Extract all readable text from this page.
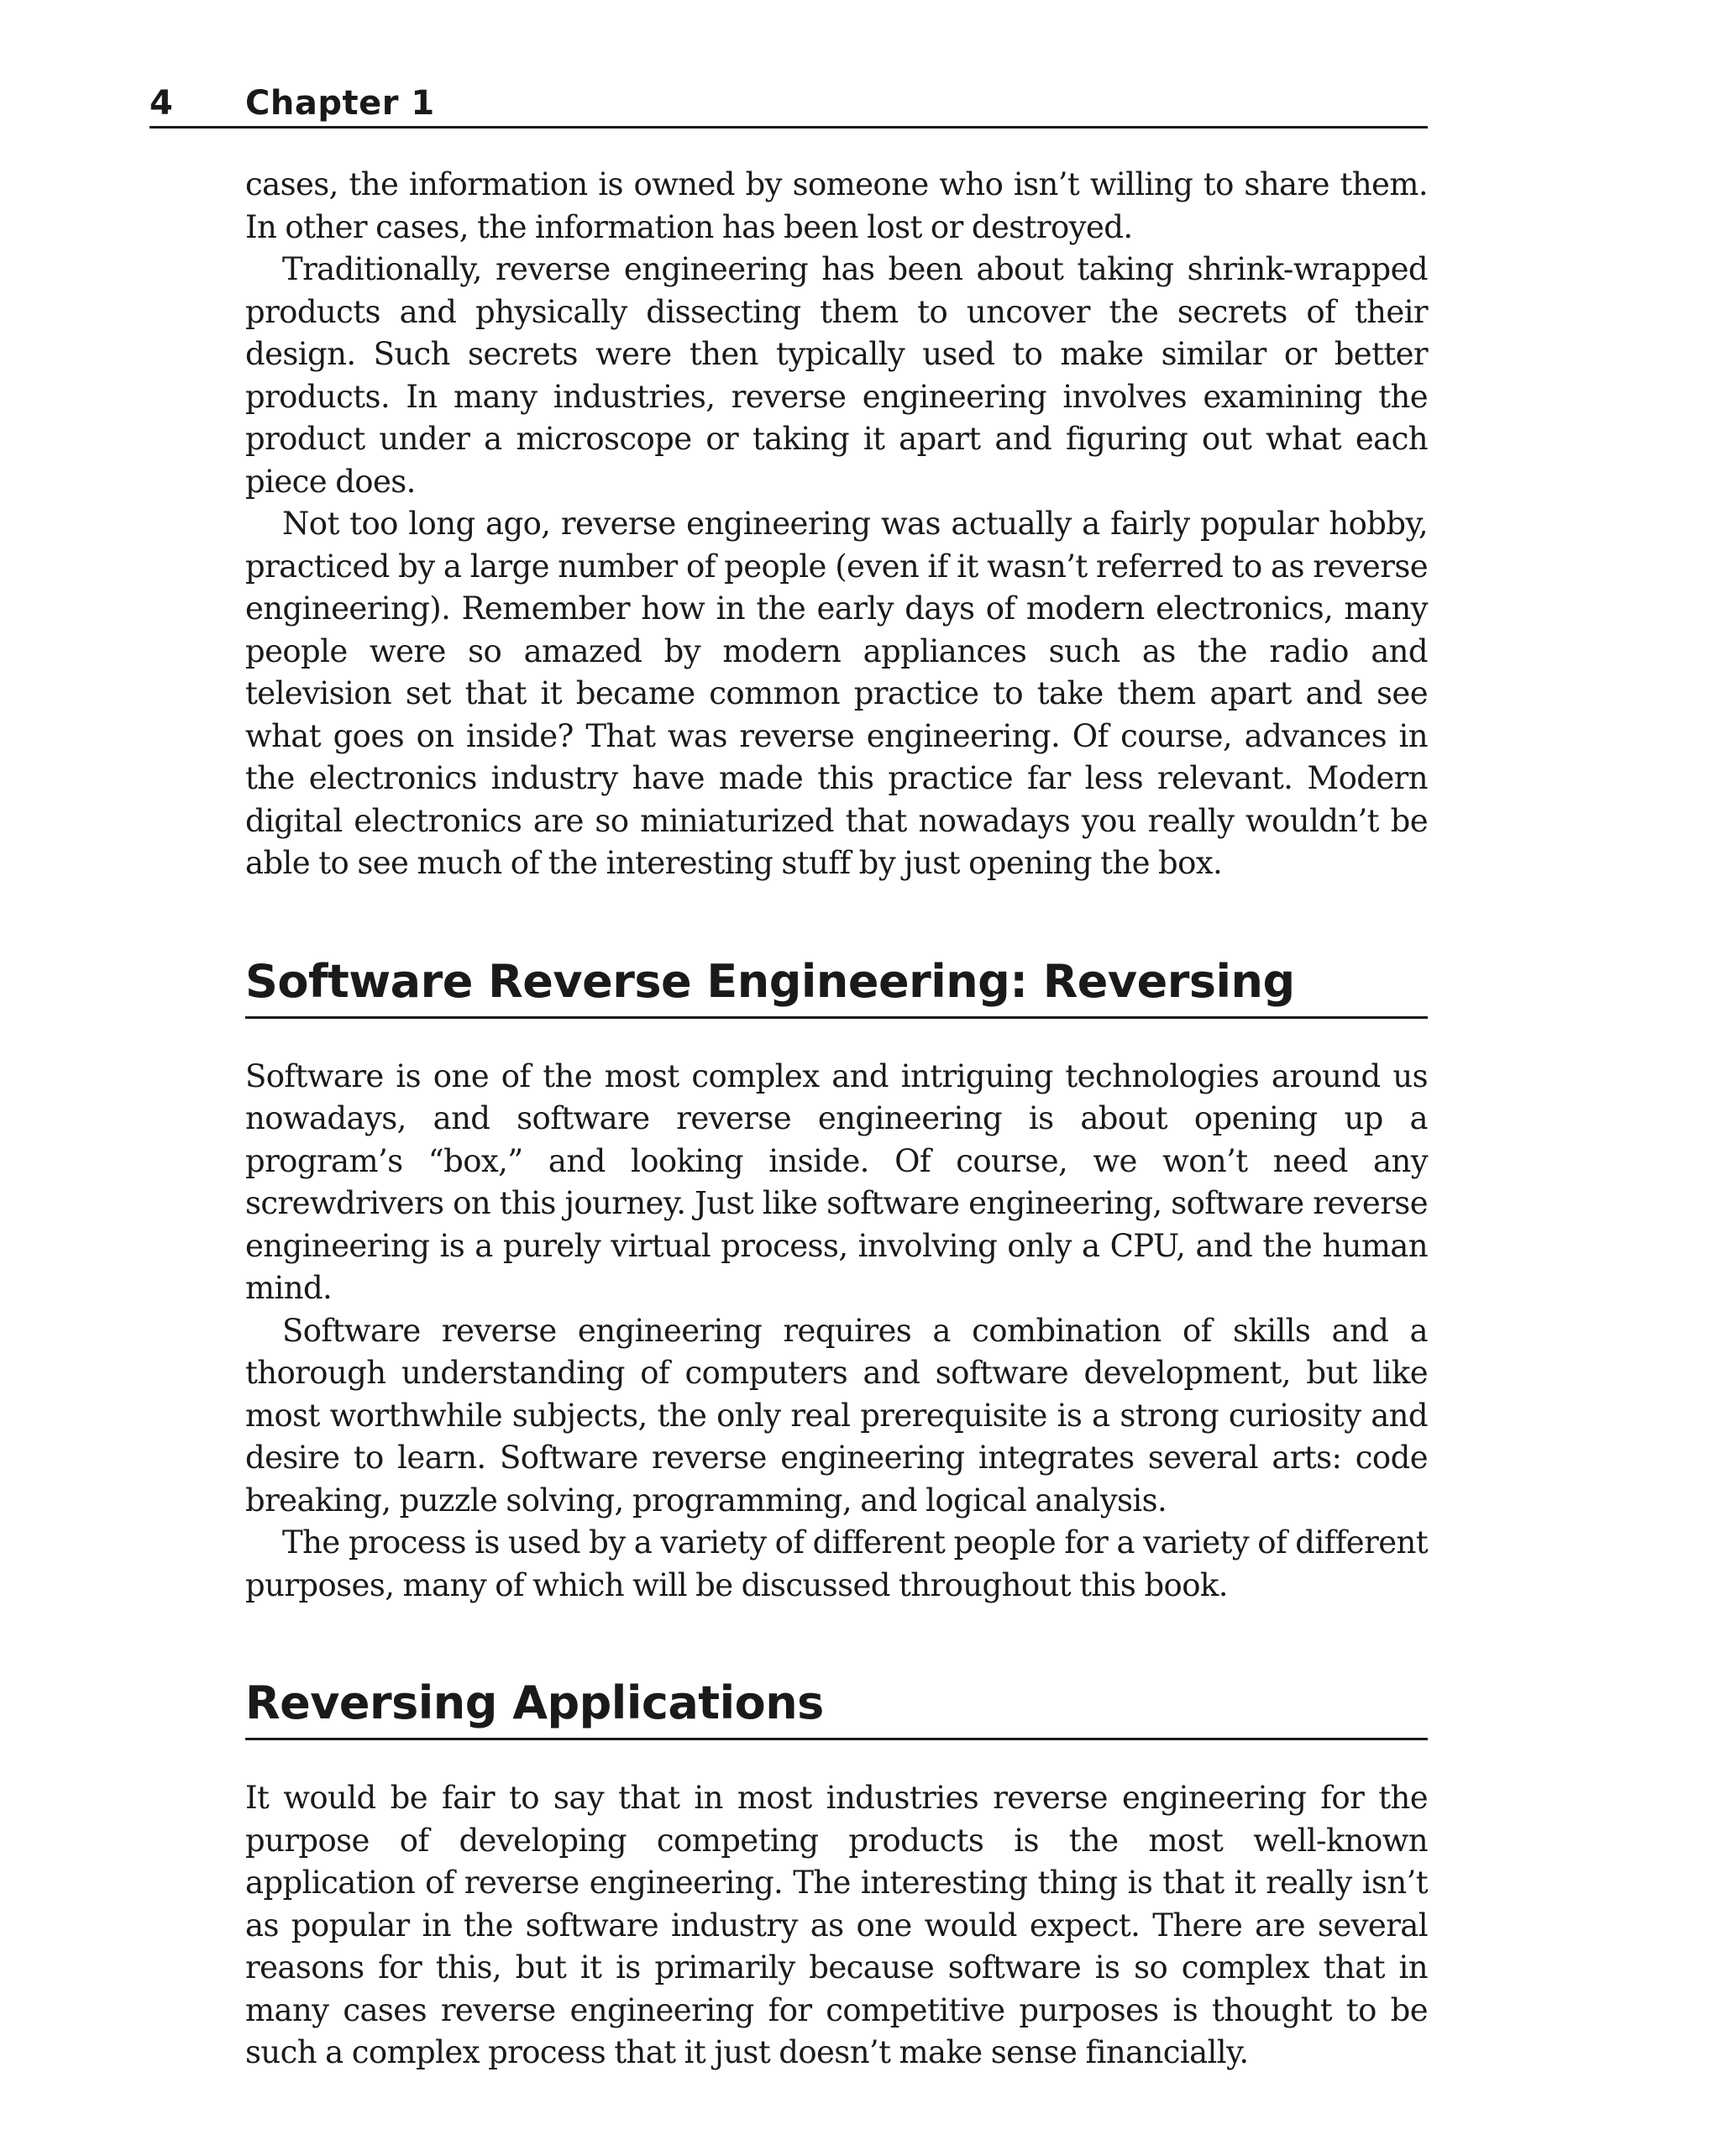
4 Chapter 1

cases, the information is owned by someone who isn’t willing to share them. In other cases, the information has been lost or destroyed.

Traditionally, reverse engineering has been about taking shrink-wrapped products and physically dissecting them to uncover the secrets of their design. Such secrets were then typically used to make similar or better products. In many industries, reverse engineering involves examining the product under a microscope or taking it apart and figuring out what each piece does.

Not too long ago, reverse engineering was actually a fairly popular hobby, practiced by a large number of people (even if it wasn’t referred to as reverse engineering). Remember how in the early days of modern electronics, many people were so amazed by modern appliances such as the radio and television set that it became common practice to take them apart and see what goes on inside? That was reverse engineering. Of course, advances in the electronics industry have made this practice far less relevant. Modern digital electronics are so miniaturized that nowadays you really wouldn’t be able to see much of the interesting stuff by just opening the box.

Software Reverse Engineering: Reversing

Software is one of the most complex and intriguing technologies around us nowadays, and software reverse engineering is about opening up a program’s “box,” and looking inside. Of course, we won’t need any screwdrivers on this journey. Just like software engineering, software reverse engineering is a purely virtual process, involving only a CPU, and the human mind.

Software reverse engineering requires a combination of skills and a thorough understanding of computers and software development, but like most worthwhile subjects, the only real prerequisite is a strong curiosity and desire to learn. Software reverse engineering integrates several arts: code breaking, puzzle solving, programming, and logical analysis.

The process is used by a variety of different people for a variety of different purposes, many of which will be discussed throughout this book.

Reversing Applications

It would be fair to say that in most industries reverse engineering for the purpose of developing competing products is the most well-known application of reverse engineering. The interesting thing is that it really isn’t as popular in the software industry as one would expect. There are several reasons for this, but it is primarily because software is so complex that in many cases reverse engineering for competitive purposes is thought to be such a complex process that it just doesn’t make sense financially.
